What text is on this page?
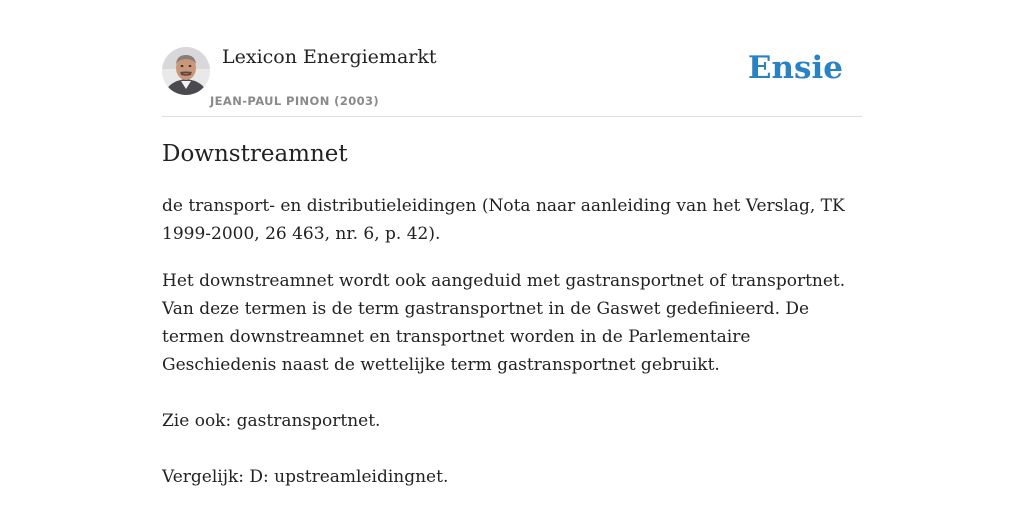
Lexicon Energiemarkt
JEAN-PAUL PINON (2003)
Ensie
Downstreamnet

de transport- en distributieleidingen (Nota naar aanleiding van het Verslag, TK 1999-2000, 26 463, nr. 6, p. 42).

Het downstreamnet wordt ook aangeduid met gastransportnet of transportnet. Van deze termen is de term gastransportnet in de Gaswet gedefinieerd. De termen downstreamnet en transportnet worden in de Parlementaire Geschiedenis naast de wettelijke term gastransportnet gebruikt.

Zie ook: gastransportnet.

Vergelijk: D: upstreamleidingnet.
